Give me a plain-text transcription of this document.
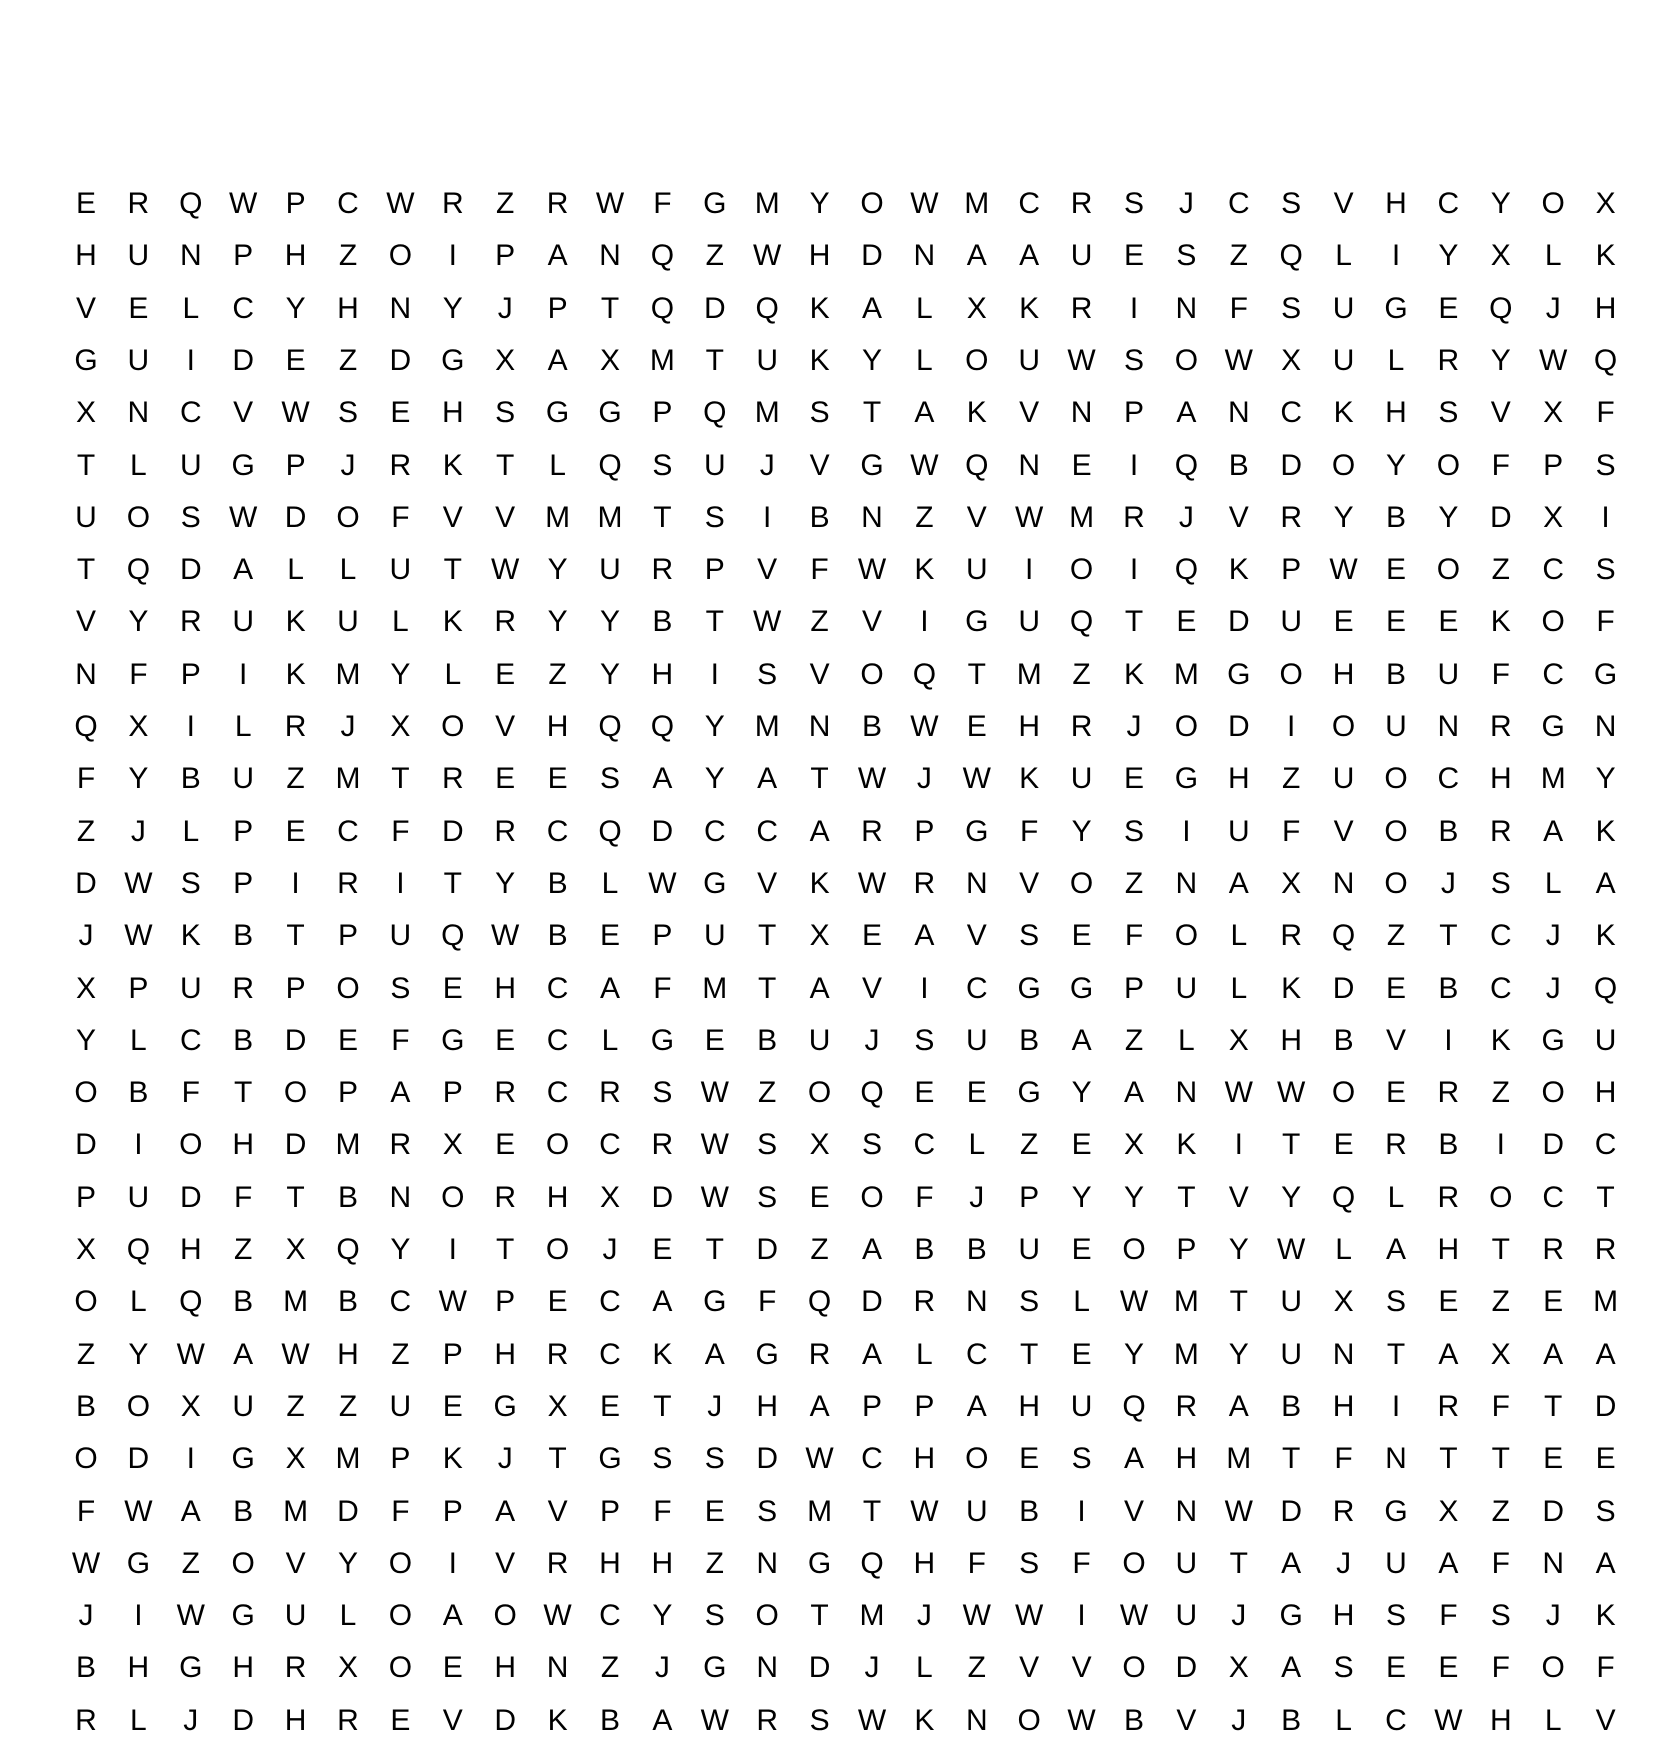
E	R Q W P	C W R	Z	R W F	G M Y	O W M C	R	S	J	C	S	V	H	C	Y	O	X
H	U	N	P	H	Z	O	I	P	A	N Q	Z W H	D	N	A	A	U	E	S	Z	Q	L	I	Y	X	L	K
V	E	L	C	Y	H	N	Y	J	P	T	Q D Q	K	A	L	X	K	R	I	N	F	S	U G	E	Q	J	H
G U	I	D	E	Z	D G	X	A	X M	T	U	K	Y	L	O U W S	O W X	U	L	R	Y W Q
X	N	C	V W S	E	H	S	G G	P	Q M S	T	A	K	V	N	P	A	N	C	K	H	S	V	X	F
T	L	U G	P	J	R	K	T	L	Q	S	U	J	V	G W Q N	E	I	Q	B	D O	Y	O	F	P	S
U O	S W D O	F	V	V M M	T	S	I	B	N	Z	V W M R	J	V	R	Y	B	Y	D	X	I
T	Q D	A	L	L	U	T W Y	U	R	P	V	F W K	U	I	O	I	Q	K	P W E	O	Z	C	S
V	Y	R	U	K	U	L	K	R	Y	Y	B	T W Z	V	I	G U Q	T	E	D	U	E	E	E	K	O	F
N	F	P	I	K M Y	L	E	Z	Y	H	I	S	V	O Q	T	M	Z	K M G O H	B	U	F	C G
Q	X	I	L	R	J	X	O	V	H Q Q	Y M N	B W E	H	R	J	O D	I	O U	N	R G N
F	Y	B	U	Z	M	T	R	E	E	S	A	Y	A	T W	J	W K	U	E	G H	Z	U O C	H M Y
Z	J	L	P	E	C	F	D	R	C Q D	C	C	A	R	P	G	F	Y	S	I	U	F	V	O	B	R	A	K
D W S	P	I	R	I	T	Y	B	L W G	V	K W R	N	V	O	Z	N	A	X	N O	J	S	L	A
J	W K	B	T	P	U Q W B	E	P	U	T	X	E	A	V	S	E	F	O	L	R Q	Z	T	C	J	K
X	P	U	R	P	O	S	E	H	C	A	F	M	T	A	V	I	C G G	P	U	L	K	D	E	B	C	J	Q
Y	L	C	B	D	E	F	G	E	C	L	G	E	B	U	J	S	U	B	A	Z	L	X	H	B	V	I	K	G U
O	B	F	T	O	P	A	P	R	C	R	S W Z	O Q	E	E	G	Y	A	N W W O	E	R	Z	O H
D	I	O H	D M R	X	E	O C	R W S	X	S	C	L	Z	E	X	K	I	T	E	R	B	I	D	C
P	U	D	F	T	B	N O R	H	X	D W S	E	O	F	J	P	Y	Y	T	V	Y	Q	L	R O C	T
X	Q H	Z	X	Q	Y	I	T	O	J	E	T	D	Z	A	B	B	U	E	O	P	Y W L	A	H	T	R	R
O	L	Q	B M B	C W P	E	C	A	G	F	Q D	R	N	S	L W M	T	U	X	S	E	Z	E M
Z	Y W A W H	Z	P	H	R	C	K	A	G R	A	L	C	T	E	Y M Y	U	N	T	A	X	A	A
B	O	X	U	Z	Z	U	E	G	X	E	T	J	H	A	P	P	A	H	U Q R	A	B	H	I	R	F	T	D
O D	I	G	X M P	K	J	T	G	S	S	D W C	H O	E	S	A	H M	T	F	N	T	T	E	E
F W A	B M D	F	P	A	V	P	F	E	S M	T W U	B	I	V	N W D	R G	X	Z	D	S
W G	Z	O	V	Y	O	I	V	R	H	H	Z	N G Q H	F	S	F	O U	T	A	J	U	A	F	N	A
J	I	W G U	L	O	A	O W C	Y	S	O	T	M	J	W W	I	W U	J	G H	S	F	S	J	K
B	H G H	R	X	O	E	H	N	Z	J	G N	D	J	L	Z	V	V	O D	X	A	S	E	E	F	O	F
R	L	J	D	H	R	E	V	D	K	B	A W R	S W K	N O W B	V	J	B	L	C W H	L	V
